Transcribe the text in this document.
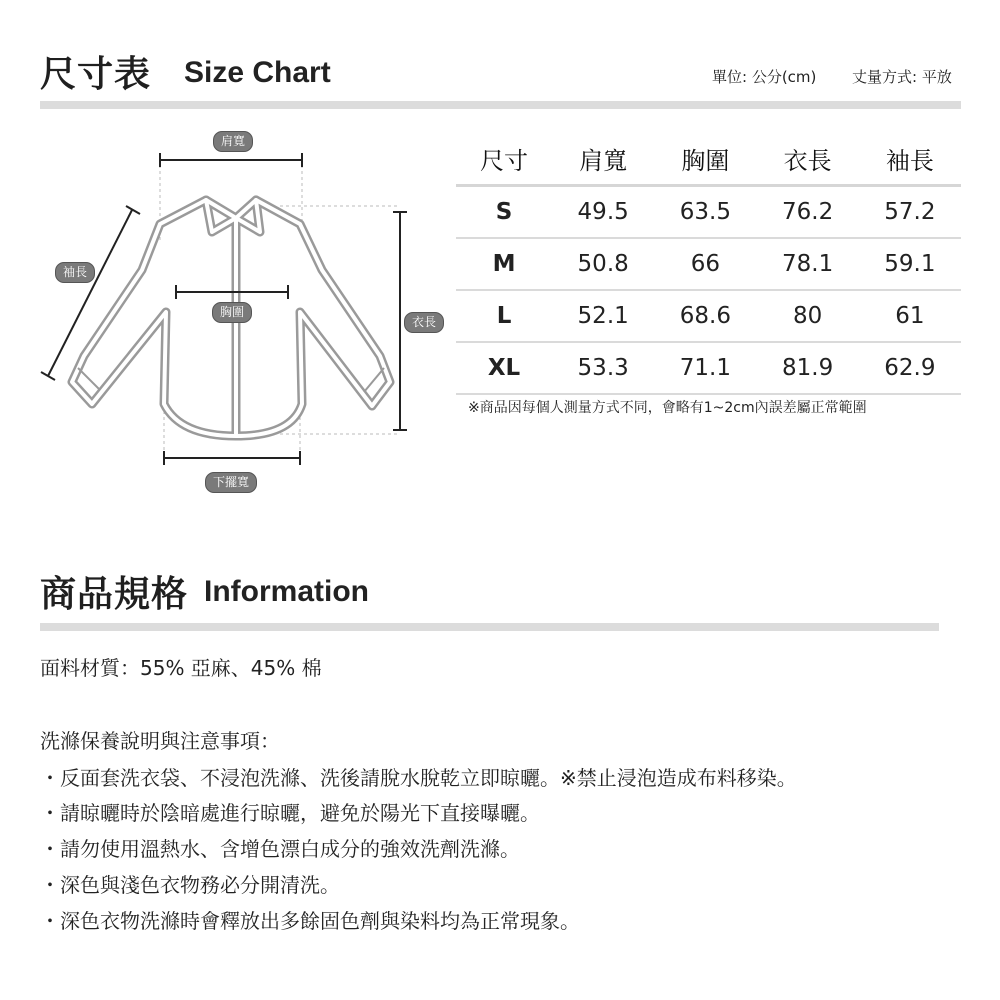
尺寸表 Size Chart	單位: 公分(cm) 丈量方式: 平放
肩寬
袖長
胸圍
衣長
下擺寬
尺寸	肩寬	胸圍	衣長	袖長
S	49.5	63.5	76.2	57.2
M	50.8	66	78.1	59.1
L	52.1	68.6	80	61
XL	53.3	71.1	81.9	62.9
※商品因每個人測量方式不同，會略有1~2cm內誤差屬正常範圍
商品規格 Information
面料材質：55% 亞麻、45% 棉
洗滌保養說明與注意事項：
・反面套洗衣袋、不浸泡洗滌、洗後請脫水脫乾立即晾曬。※禁止浸泡造成布料移染。
・請晾曬時於陰暗處進行晾曬，避免於陽光下直接曝曬。
・請勿使用溫熱水、含增色漂白成分的強效洗劑洗滌。
・深色與淺色衣物務必分開清洗。
・深色衣物洗滌時會釋放出多餘固色劑與染料均為正常現象。
